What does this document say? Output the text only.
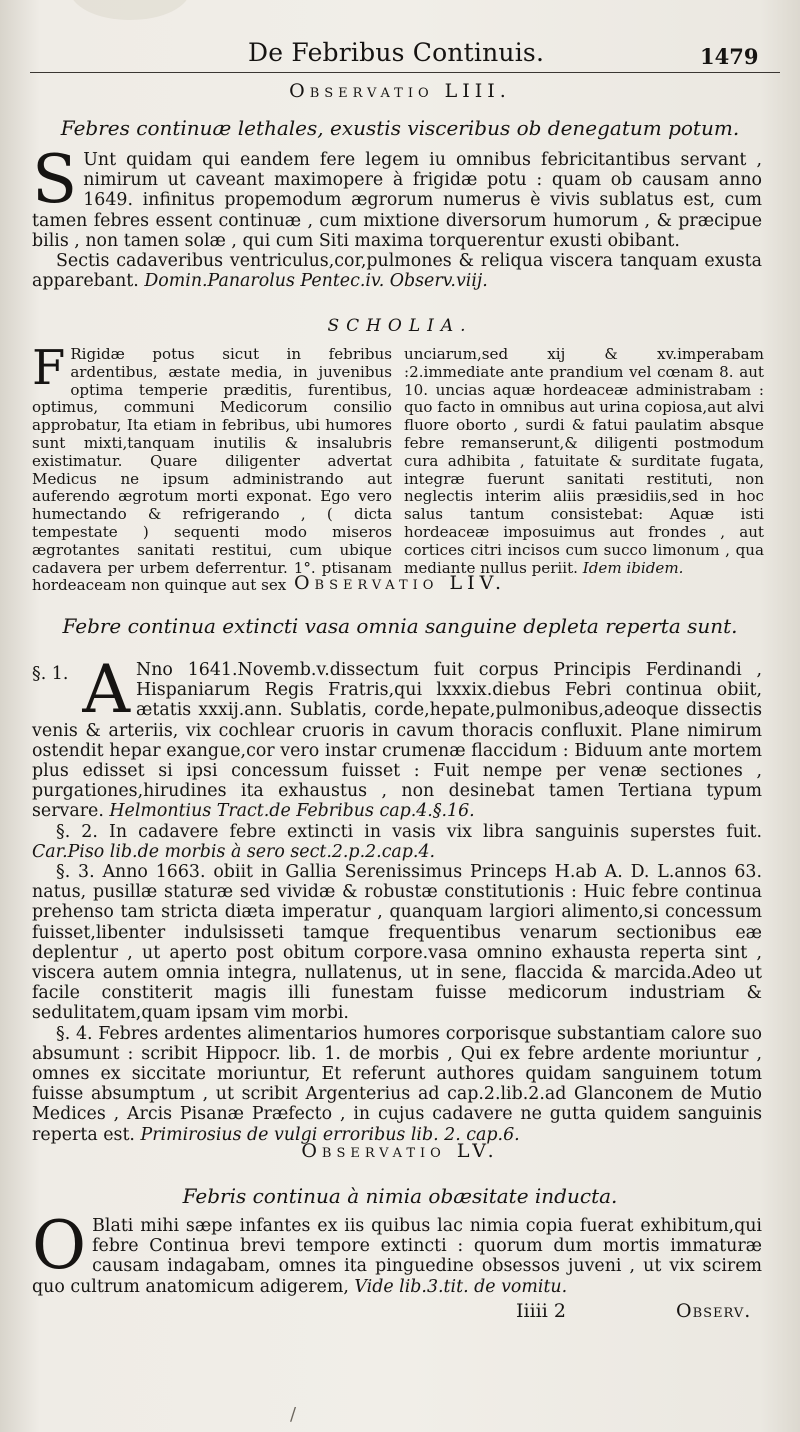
De Febribus Continuis.	1479
Observatio LIII.
Febres continuæ lethales, exustis visceribus ob denegatum potum.

S Unt quidam qui eandem fere legem iu omnibus febricitantibus servant , nimirum ut caveant maximopere à frigidæ potu : quam ob causam anno 1649. infinitus propemodum ægrorum numerus è vivis sublatus est, cum tamen febres essent continuæ , cum mixtione diversorum humorum , & præcipue bilis , non tamen solæ , qui cum Siti maxima torquerentur exusti obibant.

Sectis cadaveribus ventriculus,cor,pulmones & reliqua viscera tanquam exusta apparebant. Domin.Panarolus Pentec.iv. Observ.viij.

SCHOLIA.

F Rigidæ potus sicut in febribus ardentibus, æstate media, in juvenibus optima temperie præditis, furentibus, optimus, communi Medicorum consilio approbatur, Ita etiam in febribus, ubi humores sunt mixti,tanquam inutilis & insalubris existimatur. Quare diligenter advertat Medicus ne ipsum administrando aut auferendo ægrotum morti exponat. Ego vero humectando & refrigerando , ( dicta tempestate ) sequenti modo miseros ægrotantes sanitati restitui, cum ubique cadavera per urbem deferrentur. 1°. ptisanam hordeaceam non quinque aut sex

unciarum,sed xij & xv.imperabam :2.immediate ante prandium vel cœnam 8. aut 10. uncias aquæ hordeaceæ administrabam : quo facto in omnibus aut urina copiosa,aut alvi fluore oborto , surdi & fatui paulatim absque febre remanserunt,& diligenti postmodum cura adhibita , fatuitate & surditate fugata, integræ fuerunt sanitati restituti, non neglectis interim aliis præsidiis,sed in hoc salus tantum consistebat: Aquæ isti hordeaceæ imposuimus aut frondes , aut cortices citri incisos cum succo limonum , qua mediante nullus periit. Idem ibidem.

Observatio LIV.
Febre continua extincti vasa omnia sanguine depleta reperta sunt.

§. 1. A Nno 1641.Novemb.v.dissectum fuit corpus Principis Ferdinandi , Hispaniarum Regis Fratris,qui lxxxix.diebus Febri continua obiit, ætatis xxxij.ann. Sublatis, corde,hepate,pulmonibus,adeoque dissectis venis & arteriis, vix cochlear cruoris in cavum thoracis confluxit. Plane nimirum ostendit hepar exangue,cor vero instar crumenæ flaccidum : Biduum ante mortem plus edisset si ipsi concessum fuisset : Fuit nempe per venæ sectiones , purgationes,hirudines ita exhaustus , non desinebat tamen Tertiana typum servare. Helmontius Tract.de Febribus cap.4.§.16.

§. 2. In cadavere febre extincti in vasis vix libra sanguinis superstes fuit. Car.Piso lib.de morbis à sero sect.2.p.2.cap.4.

§. 3. Anno 1663. obiit in Gallia Serenissimus Princeps H.ab A. D. L.annos 63. natus, pusillæ staturæ sed vividæ & robustæ constitutionis : Huic febre continua prehenso tam stricta diæta imperatur , quanquam largiori alimento,si concessum fuisset,libenter indulsisseti tamque frequentibus venarum sectionibus eæ deplentur , ut aperto post obitum corpore.vasa omnino exhausta reperta sint , viscera autem omnia integra, nullatenus, ut in sene, flaccida & marcida.Adeo ut facile constiterit magis illi funestam fuisse medicorum industriam & sedulitatem,quam ipsam vim morbi.

§. 4. Febres ardentes alimentarios humores corporisque substantiam calore suo absumunt : scribit Hippocr. lib. 1. de morbis , Qui ex febre ardente moriuntur , omnes ex siccitate moriuntur, Et referunt authores quidam sanguinem totum fuisse absumptum , ut scribit Argenterius ad cap.2.lib.2.ad Glanconem de Mutio Medices , Arcis Pisanæ Præfecto , in cujus cadavere ne gutta quidem sanguinis reperta est. Primirosius de vulgi erroribus lib. 2. cap.6.

Observatio LV.
Febris continua à nimia obæsitate inducta.

O Blati mihi sæpe infantes ex iis quibus lac nimia copia fuerat exhibitum,qui febre Continua brevi tempore extincti : quorum dum mortis immaturæ causam indagabam, omnes ita pinguedine obsessos juveni , ut vix scirem quo cultrum anatomicum adigerem, Vide lib.3.tit. de vomitu.

Iiiii 2	Observ.
/
